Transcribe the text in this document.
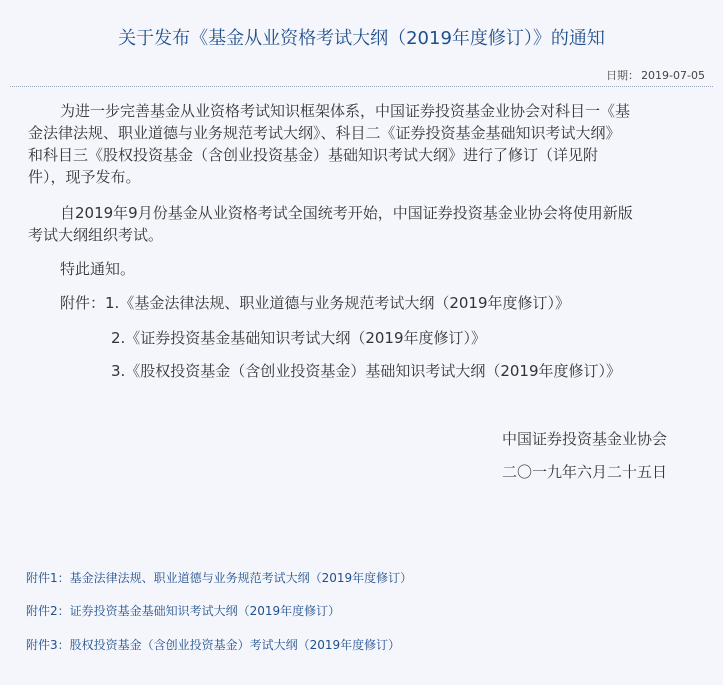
关于发布《基金从业资格考试大纲（2019年度修订）》的通知
日期： 2019-07-05
为进一步完善基金从业资格考试知识框架体系，中国证券投资基金业协会对科目一《基
金法律法规、职业道德与业务规范考试大纲》、科目二《证券投资基金基础知识考试大纲》
和科目三《股权投资基金（含创业投资基金）基础知识考试大纲》进行了修订（详见附
件），现予发布。
自2019年9月份基金从业资格考试全国统考开始，中国证券投资基金业协会将使用新版
考试大纲组织考试。
特此通知。
附件：1.《基金法律法规、职业道德与业务规范考试大纲（2019年度修订）》
2.《证券投资基金基础知识考试大纲（2019年度修订）》
3.《股权投资基金（含创业投资基金）基础知识考试大纲（2019年度修订）》
中国证券投资基金业协会
二〇一九年六月二十五日
附件1：基金法律法规、职业道德与业务规范考试大纲（2019年度修订）
附件2：证券投资基金基础知识考试大纲（2019年度修订）
附件3：股权投资基金（含创业投资基金）考试大纲（2019年度修订）
